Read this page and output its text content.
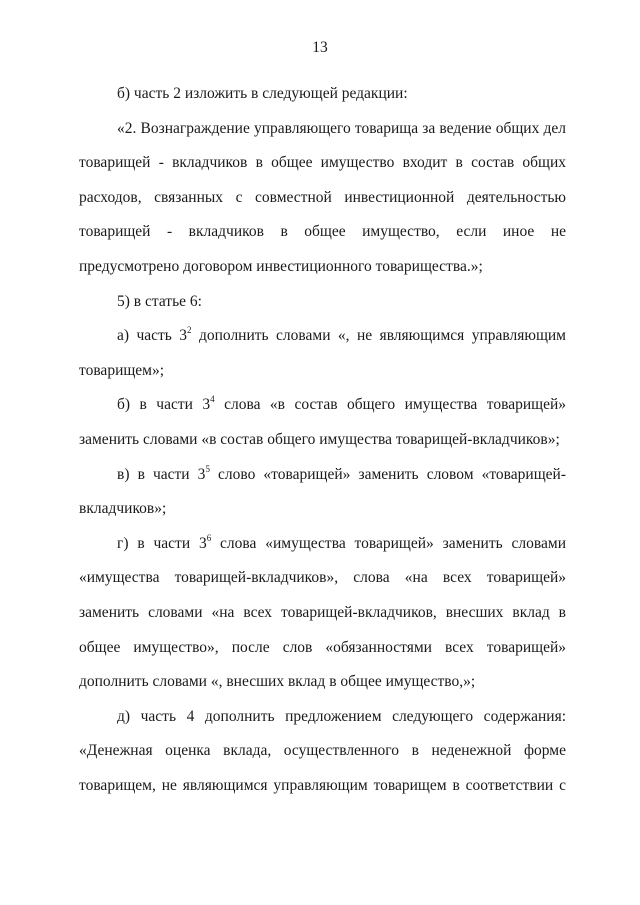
13

б) часть 2 изложить в следующей редакции:

«2. Вознаграждение управляющего товарища за ведение общих дел товарищей - вкладчиков в общее имущество входит в состав общих расходов, связанных с совместной инвестиционной деятельностью товарищей - вкладчиков в общее имущество, если иное не предусмотрено договором инвестиционного товарищества.»;

5) в статье 6:

а) часть $3^2$ дополнить словами «, не являющимся управляющим товарищем»;

б) в части $3^4$ слова «в состав общего имущества товарищей» заменить словами «в состав общего имущества товарищей-вкладчиков»;

в) в части $3^5$ слово «товарищей» заменить словом «товарищей-вкладчиков»;

г) в части $3^6$ слова «имущества товарищей» заменить словами «имущества товарищей-вкладчиков», слова «на всех товарищей» заменить словами «на всех товарищей-вкладчиков, внесших вклад в общее имущество», после слов «обязанностями всех товарищей» дополнить словами «, внесших вклад в общее имущество,»;

д) часть 4 дополнить предложением следующего содержания: «Денежная оценка вклада, осуществленного в неденежной форме товарищем, не являющимся управляющим товарищем в соответствии с
